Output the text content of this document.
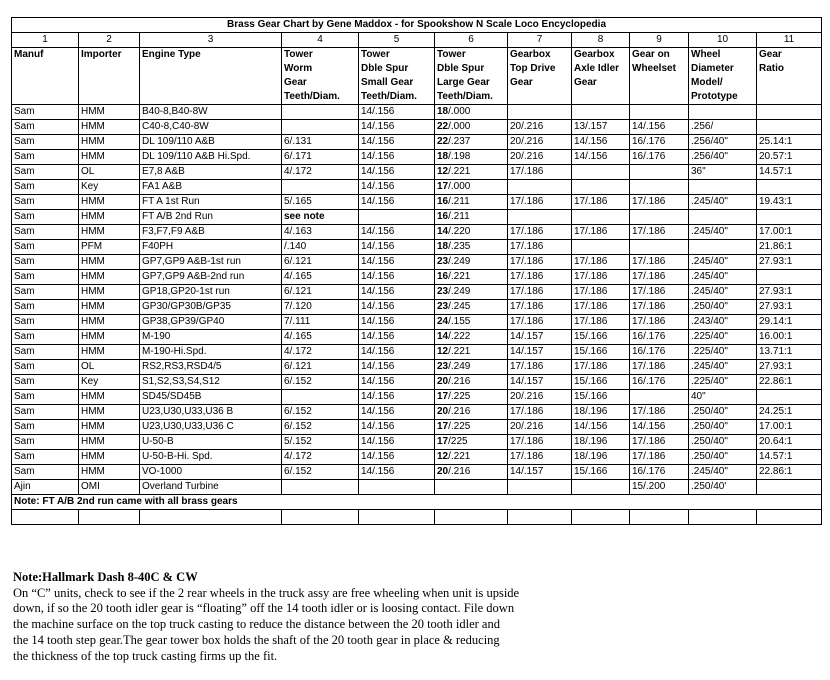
Brass Gear Chart by Gene Maddox - for Spookshow N Scale Loco Encyclopedia										
1	2	3	4	5	6	7	8	9	10	11
Manuf	Importer	Engine Type	Tower	Tower	Tower	Gearbox	Gearbox	Gear on	Wheel	Gear
			Worm	Dble Spur	Dble Spur	Top Drive	Axle Idler	Wheelset	Diameter	Ratio
			Gear	Small Gear	Large Gear	Gear	Gear		Model/	
			Teeth/Diam.	Teeth/Diam.	Teeth/Diam.				Prototype	
Sam	HMM	B40-8,B40-8W		14/.156	18/.000					
Sam	HMM	C40-8,C40-8W		14/.156	22/.000	20/.216	13/.157	14/.156	.256/	
Sam	HMM	DL 109/110 A&B	6/.131	14/.156	22/.237	20/.216	14/.156	16/.176	.256/40"	25.14:1
Sam	HMM	DL 109/110 A&B Hi.Spd.	6/.171	14/.156	18/.198	20/.216	14/.156	16/.176	.256/40"	20.57:1
Sam	OL	E7,8 A&B	4/.172	14/.156	12/.221	17/.186			36"	14.57:1
Sam	Key	FA1 A&B		14/.156	17/.000					
Sam	HMM	FT A 1st Run	5/.165	14/.156	16/.211	17/.186	17/.186	17/.186	.245/40"	19.43:1
Sam	HMM	FT A/B 2nd Run	see note		16/.211					
Sam	HMM	F3,F7,F9 A&B	4/.163	14/.156	14/.220	17/.186	17/.186	17/.186	.245/40"	17.00:1
Sam	PFM	F40PH	/.140	14/.156	18/.235	17/.186				21.86:1
Sam	HMM	GP7,GP9 A&B-1st run	6/.121	14/.156	23/.249	17/.186	17/.186	17/.186	.245/40"	27.93:1
Sam	HMM	GP7,GP9 A&B-2nd run	4/.165	14/.156	16/.221	17/.186	17/.186	17/.186	.245/40"	
Sam	HMM	GP18,GP20-1st run	6/.121	14/.156	23/.249	17/.186	17/.186	17/.186	.245/40"	27.93:1
Sam	HMM	GP30/GP30B/GP35	7/.120	14/.156	23/.245	17/.186	17/.186	17/.186	.250/40"	27.93:1
Sam	HMM	GP38,GP39/GP40	7/.111	14/.156	24/.155	17/.186	17/.186	17/.186	.243/40"	29.14:1
Sam	HMM	M-190	4/.165	14/.156	14/.222	14/.157	15/.166	16/.176	.225/40"	16.00:1
Sam	HMM	M-190-Hi.Spd.	4/.172	14/.156	12/.221	14/.157	15/.166	16/.176	.225/40"	13.71:1
Sam	OL	RS2,RS3,RSD4/5	6/.121	14/.156	23/.249	17/.186	17/.186	17/.186	.245/40"	27.93:1
Sam	Key	S1,S2,S3,S4,S12	6/.152	14/.156	20/.216	14/.157	15/.166	16/.176	.225/40"	22.86:1
Sam	HMM	SD45/SD45B		14/.156	17/.225	20/.216	15/.166		40"	
Sam	HMM	U23,U30,U33,U36 B	6/.152	14/.156	20/.216	17/.186	18/.196	17/.186	.250/40"	24.25:1
Sam	HMM	U23,U30,U33,U36 C	6/.152	14/.156	17/.225	20/.216	14/.156	14/.156	.250/40"	17.00:1
Sam	HMM	U-50-B	5/.152	14/.156	17/225	17/.186	18/.196	17/.186	.250/40"	20.64:1
Sam	HMM	U-50-B-Hi. Spd.	4/.172	14/.156	12/.221	17/.186	18/.196	17/.186	.250/40"	14.57:1
Sam	HMM	VO-1000	6/.152	14/.156	20/.216	14/.157	15/.166	16/.176	.245/40"	22.86:1
Ajin	OMI	Overland Turbine						15/.200	.250/40'	
Note: FT A/B 2nd run came with all brass gears										

Note:Hallmark Dash 8-40C & CW

On “C” units, check to see if the 2 rear wheels in the truck assy are free wheeling when unit is upside

down, if so the 20 tooth idler gear is “floating” off the 14 tooth idler or is loosing contact. File down

the machine surface on the top truck casting to reduce the distance between the 20 tooth idler and

the 14 tooth step gear.The gear tower box holds the shaft of the 20 tooth gear in place & reducing

the thickness of the top truck casting firms up the fit.
